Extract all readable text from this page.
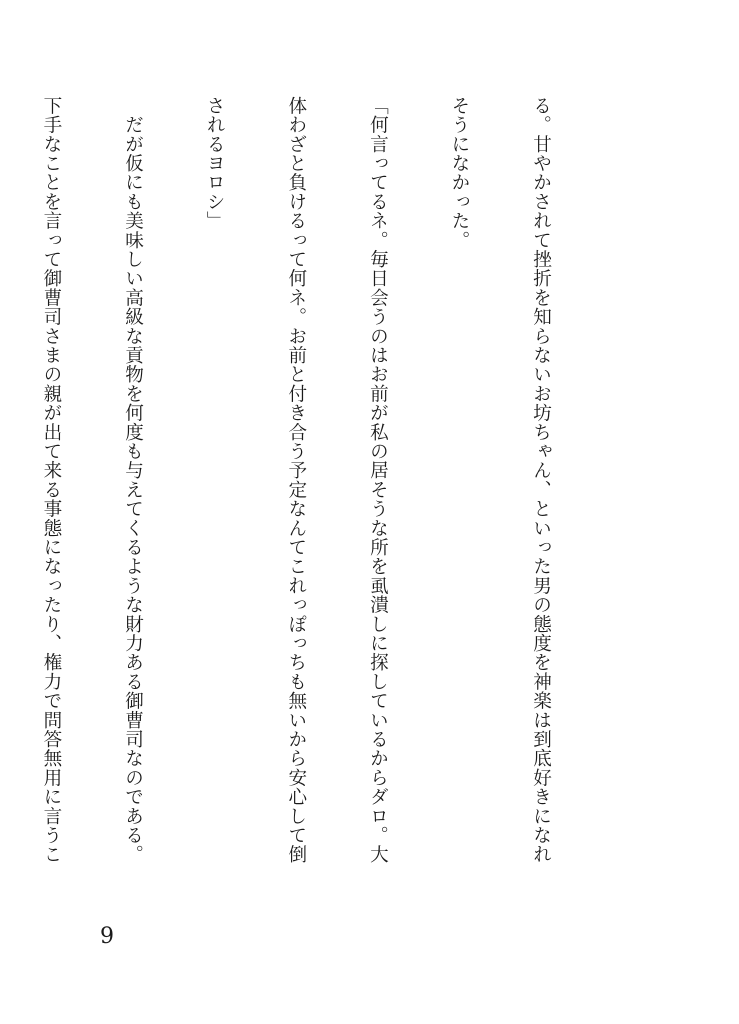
る。甘やかされて挫折を知らないお坊ちゃん、といった男の態度を神楽は到底好きになれ

そうになかった。

「何言ってるネ。毎日会うのはお前が私の居そうな所を虱潰しに探しているからダロ。大

体わざと負けるって何ネ。お前と付き合う予定なんてこれっぽっちも無いから安心して倒

されるヨロシ」

　だが仮にも美味しい高級な貢物を何度も与えてくるような財力ある御曹司なのである。

下手なことを言って御曹司さまの親が出て来る事態になったり、権力で問答無用に言うこ

9
